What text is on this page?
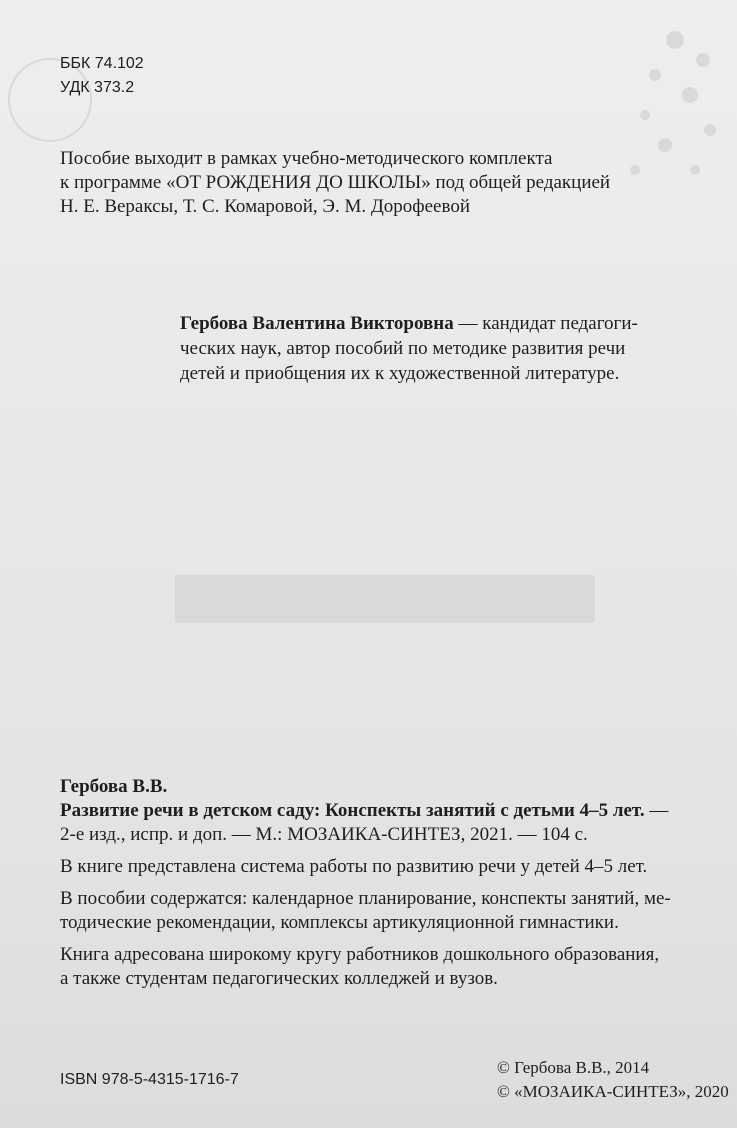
ББК 74.102
УДК 373.2
Пособие выходит в рамках учебно-методического комплекта
к программе «ОТ РОЖДЕНИЯ ДО ШКОЛЫ» под общей редакцией
Н. Е. Вераксы, Т. С. Комаровой, Э. М. Дорофеевой
Гербова Валентина Викторовна — кандидат педагоги-
ческих наук, автор пособий по методике развития речи
детей и приобщения их к художественной литературе.
Гербова В.В.

Развитие речи в детском саду: Конспекты занятий с детьми 4–5 лет. —

2-е изд., испр. и доп. — М.: МОЗАИКА-СИНТЕЗ, 2021. — 104 с.

В книге представлена система работы по развитию речи у детей 4–5 лет.

В пособии содержатся: календарное планирование, конспекты занятий, ме-
тодические рекомендации, комплексы артикуляционной гимнастики.
Книга адресована широкому кругу работников дошкольного образования,
а также студентам педагогических колледжей и вузов.
ISBN 978-5-4315-1716-7
© Гербова В.В., 2014
© «МОЗАИКА-СИНТЕЗ», 2020
